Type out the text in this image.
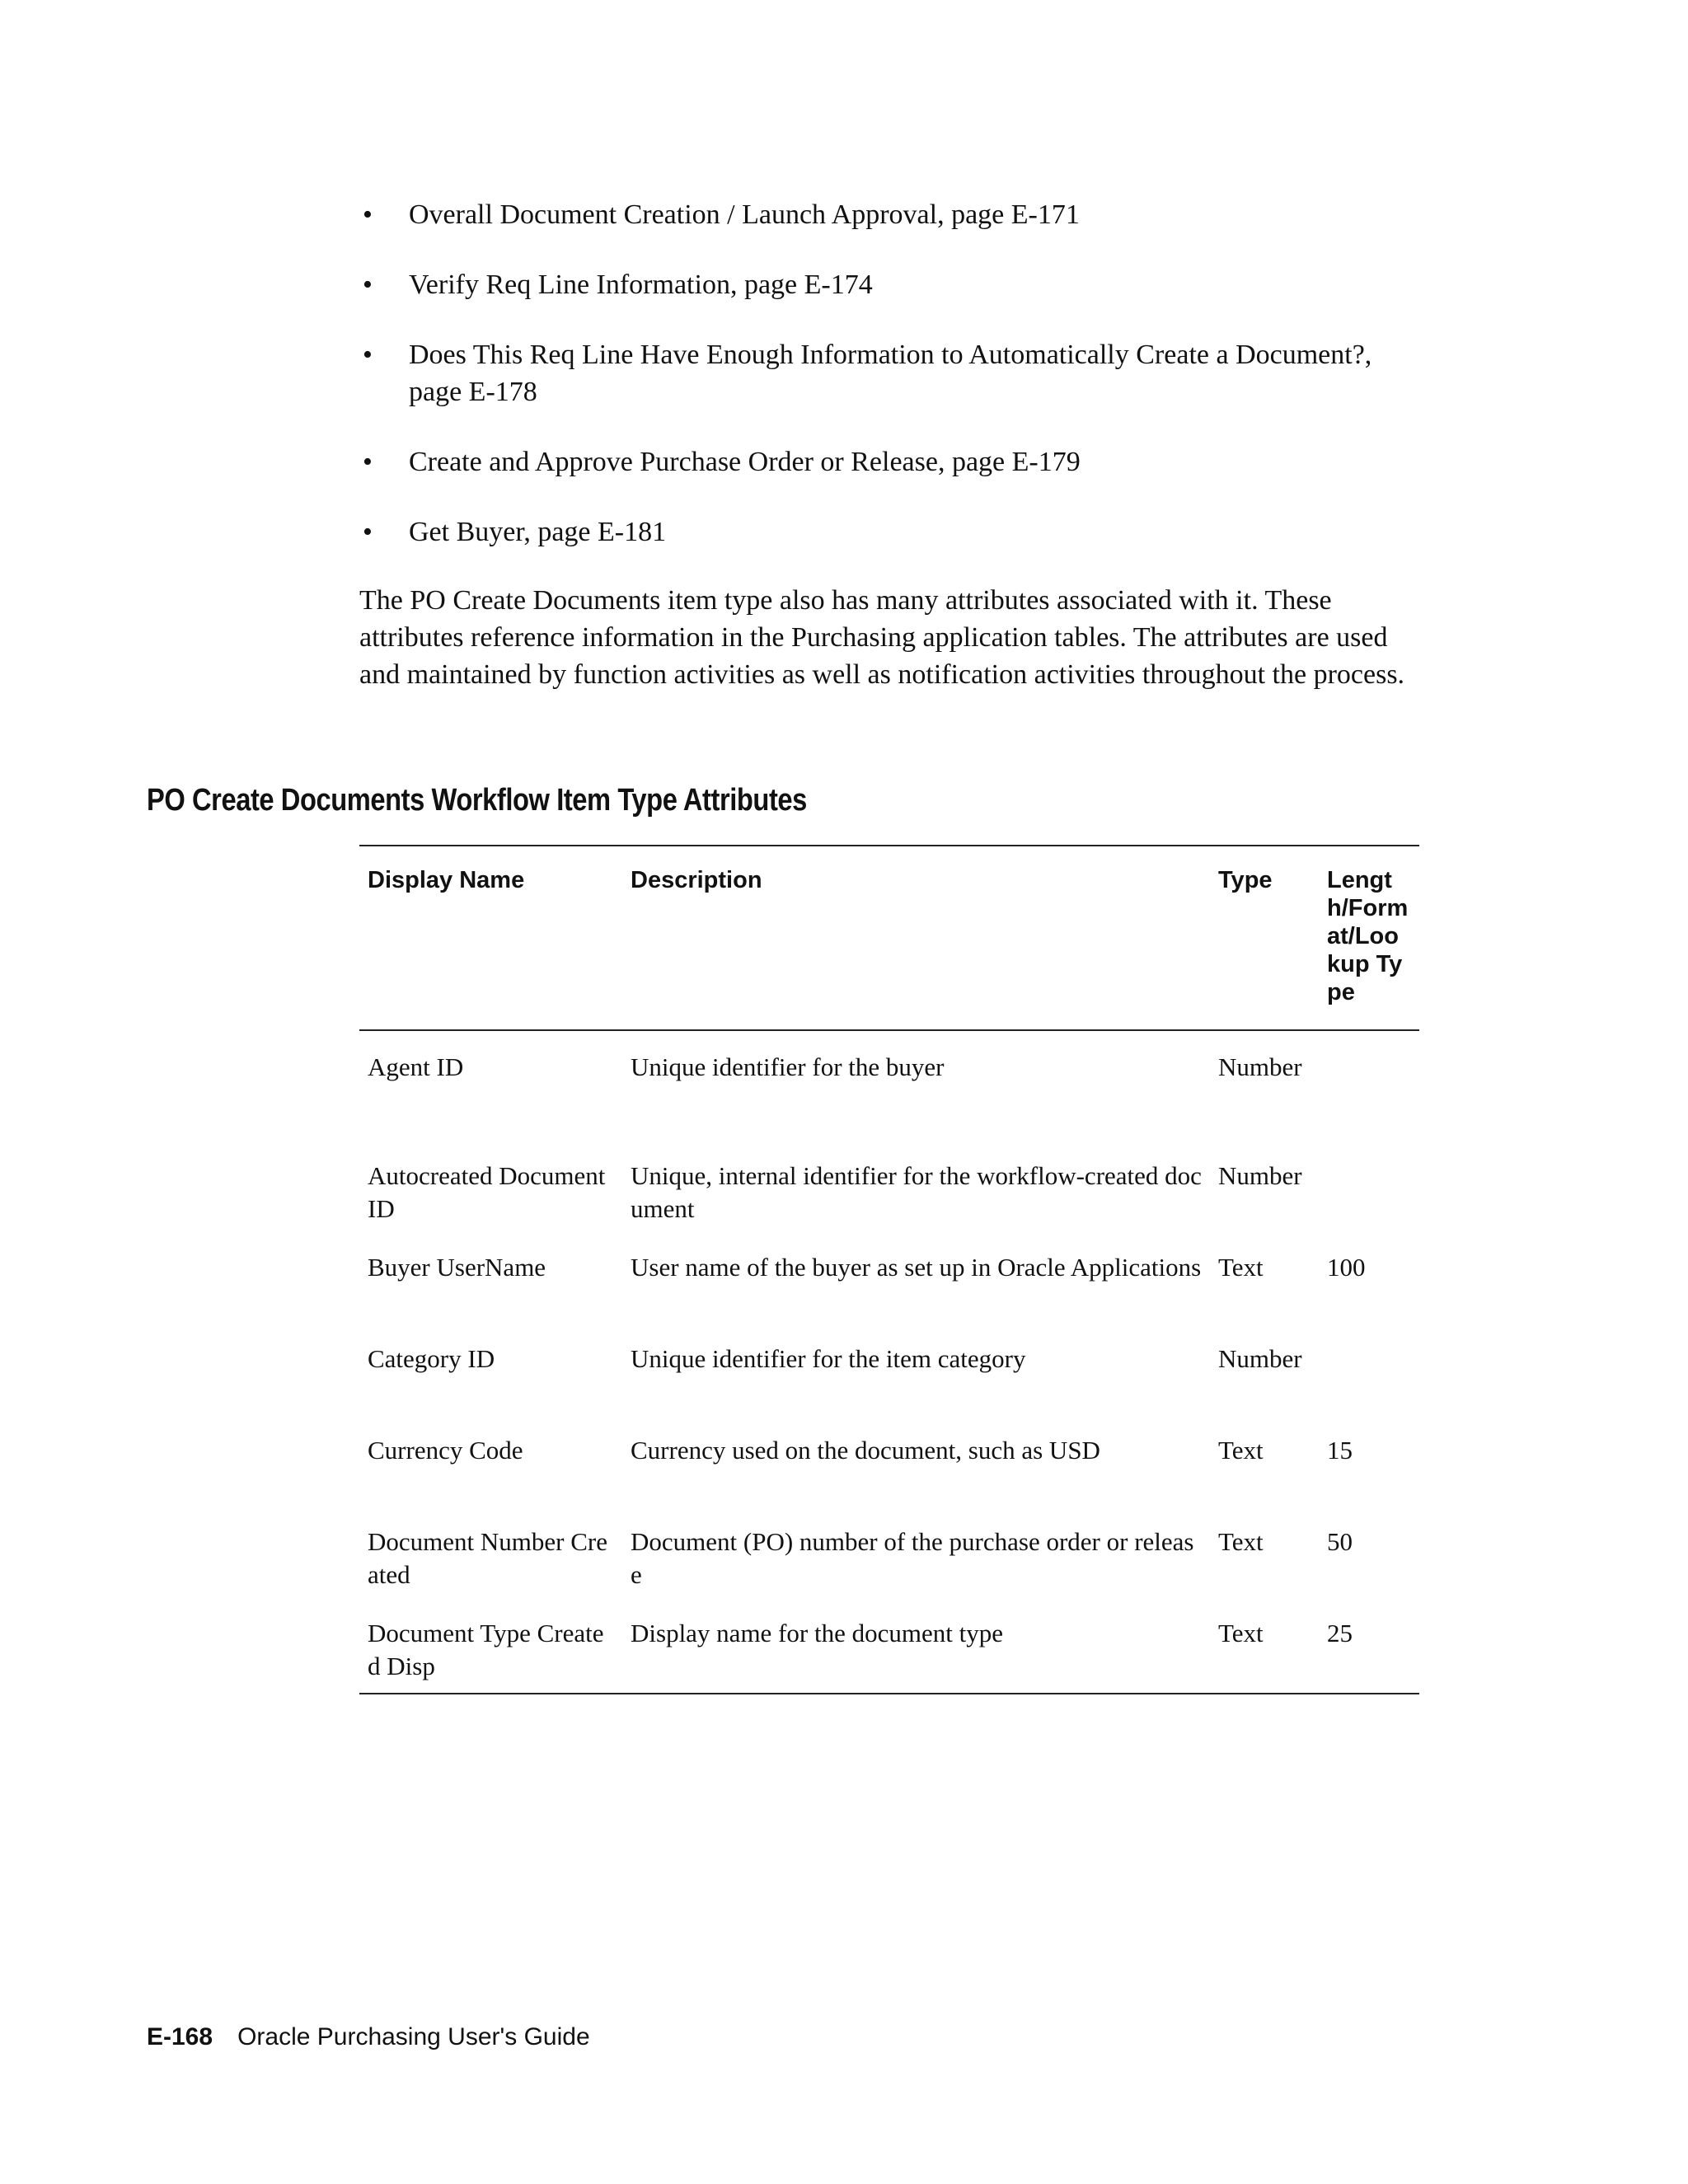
• Overall Document Creation / Launch Approval, page E-171
• Verify Req Line Information, page E-174
• Does This Req Line Have Enough Information to Automatically Create a Document?, page E-178
• Create and Approve Purchase Order or Release, page E-179
• Get Buyer, page E-181

The PO Create Documents item type also has many attributes associated with it. These attributes reference information in the Purchasing application tables. The attributes are used and maintained by function activities as well as notification activities throughout the process.

PO Create Documents Workflow Item Type Attributes
Display Name	Description	Type	Length/Format/Lookup Type
Agent ID	Unique identifier for the buyer	Number	
Autocreated Document ID	Unique, internal identifier for the workflow-created document	Number	
Buyer UserName	User name of the buyer as set up in Oracle Applications	Text	100
Category ID	Unique identifier for the item category	Number	
Currency Code	Currency used on the document, such as USD	Text	15
Document Number Created	Document (PO) number of the purchase order or release	Text	50
Document Type Created Disp	Display name for the document type	Text	25
E-168 Oracle Purchasing User's Guide
